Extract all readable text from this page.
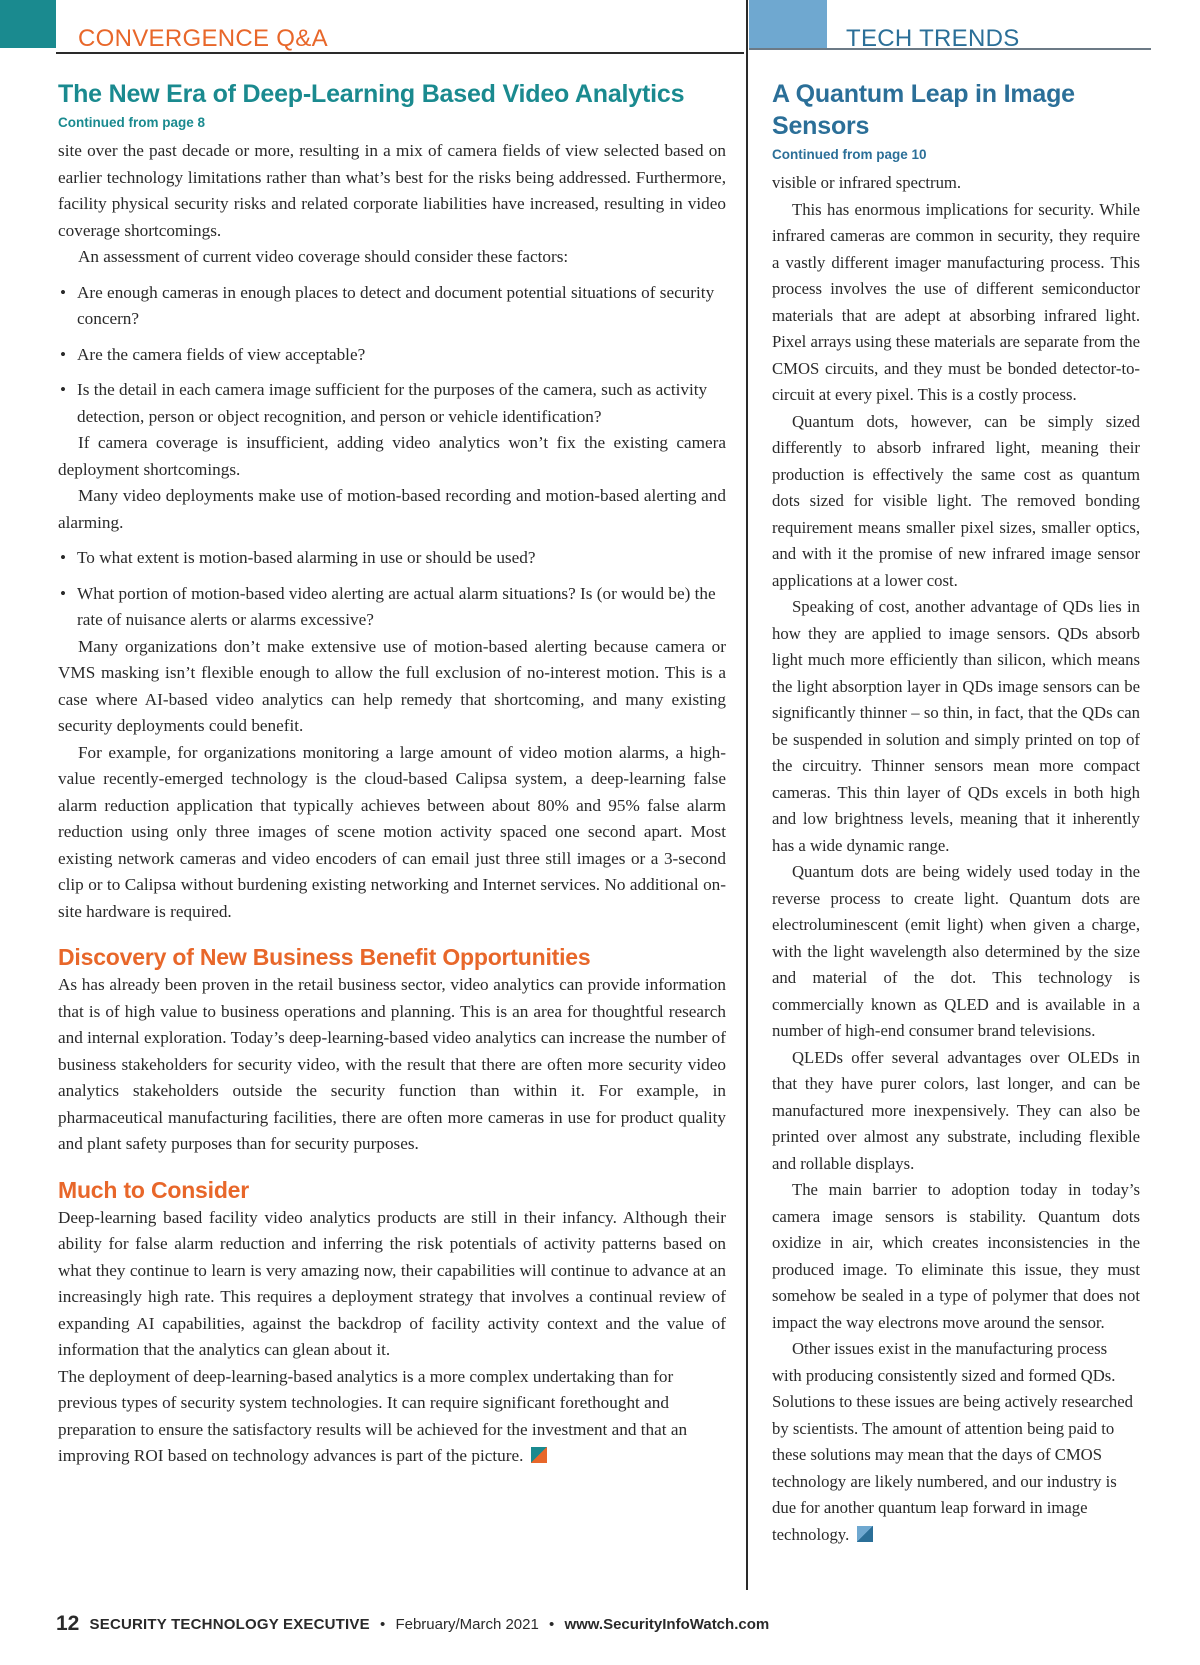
CONVERGENCE Q&A	TECH TRENDS
The New Era of Deep-Learning Based Video Analytics
Continued from page 8

site over the past decade or more, resulting in a mix of camera fields of view selected based on earlier technology limitations rather than what’s best for the risks being addressed. Furthermore, facility physical security risks and related corporate liabilities have increased, resulting in video coverage shortcomings.

An assessment of current video coverage should consider these factors:

• Are enough cameras in enough places to detect and document potential situations of security concern?
• Are the camera fields of view acceptable?
• Is the detail in each camera image sufficient for the purposes of the camera, such as activity detection, person or object recognition, and person or vehicle identification?

If camera coverage is insufficient, adding video analytics won’t fix the existing camera deployment shortcomings.

Many video deployments make use of motion-based recording and motion-based alerting and alarming.

• To what extent is motion-based alarming in use or should be used?
• What portion of motion-based video alerting are actual alarm situations? Is (or would be) the rate of nuisance alerts or alarms excessive?

Many organizations don’t make extensive use of motion-based alerting because camera or VMS masking isn’t flexible enough to allow the full exclusion of no-interest motion. This is a case where AI-based video analytics can help remedy that shortcoming, and many existing security deployments could benefit.

For example, for organizations monitoring a large amount of video motion alarms, a high-value recently-emerged technology is the cloud-based Calipsa system, a deep-learning false alarm reduction application that typically achieves between about 80% and 95% false alarm reduction using only three images of scene motion activity spaced one second apart. Most existing network cameras and video encoders of can email just three still images or a 3-second clip or to Calipsa without burdening existing networking and Internet services. No additional on-site hardware is required.

Discovery of New Business Benefit Opportunities

As has already been proven in the retail business sector, video analytics can provide information that is of high value to business operations and planning. This is an area for thoughtful research and internal exploration. Today’s deep-learning-based video analytics can increase the number of business stakeholders for security video, with the result that there are often more security video analytics stakeholders outside the security function than within it. For example, in pharmaceutical manufacturing facilities, there are often more cameras in use for product quality and plant safety purposes than for security purposes.

Much to Consider

Deep-learning based facility video analytics products are still in their infancy. Although their ability for false alarm reduction and inferring the risk potentials of activity patterns based on what they continue to learn is very amazing now, their capabilities will continue to advance at an increasingly high rate. This requires a deployment strategy that involves a continual review of expanding AI capabilities, against the backdrop of facility activity context and the value of information that the analytics can glean about it.

The deployment of deep-learning-based analytics is a more complex undertaking than for previous types of security system technologies. It can require significant forethought and preparation to ensure the satisfactory results will be achieved for the investment and that an improving ROI based on technology advances is part of the picture.

A Quantum Leap in Image Sensors
Continued from page 10

visible or infrared spectrum.

This has enormous implications for security. While infrared cameras are common in security, they require a vastly different imager manufacturing process. This process involves the use of different semiconductor materials that are adept at absorbing infrared light. Pixel arrays using these materials are separate from the CMOS circuits, and they must be bonded detector-to-circuit at every pixel. This is a costly process.

Quantum dots, however, can be simply sized differently to absorb infrared light, meaning their production is effectively the same cost as quantum dots sized for visible light. The removed bonding requirement means smaller pixel sizes, smaller optics, and with it the promise of new infrared image sensor applications at a lower cost.

Speaking of cost, another advantage of QDs lies in how they are applied to image sensors. QDs absorb light much more efficiently than silicon, which means the light absorption layer in QDs image sensors can be significantly thinner – so thin, in fact, that the QDs can be suspended in solution and simply printed on top of the circuitry. Thinner sensors mean more compact cameras. This thin layer of QDs excels in both high and low brightness levels, meaning that it inherently has a wide dynamic range.

Quantum dots are being widely used today in the reverse process to create light. Quantum dots are electroluminescent (emit light) when given a charge, with the light wavelength also determined by the size and material of the dot. This technology is commercially known as QLED and is available in a number of high-end consumer brand televisions.

QLEDs offer several advantages over OLEDs in that they have purer colors, last longer, and can be manufactured more inexpensively. They can also be printed over almost any substrate, including flexible and rollable displays.

The main barrier to adoption today in today’s camera image sensors is stability. Quantum dots oxidize in air, which creates inconsistencies in the produced image. To eliminate this issue, they must somehow be sealed in a type of polymer that does not impact the way electrons move around the sensor.

Other issues exist in the manufacturing process with producing consistently sized and formed QDs. Solutions to these issues are being actively researched by scientists. The amount of attention being paid to these solutions may mean that the days of CMOS technology are likely numbered, and our industry is due for another quantum leap forward in image technology.

12 SECURITY TECHNOLOGY EXECUTIVE • February/March 2021 • www.SecurityInfoWatch.com
